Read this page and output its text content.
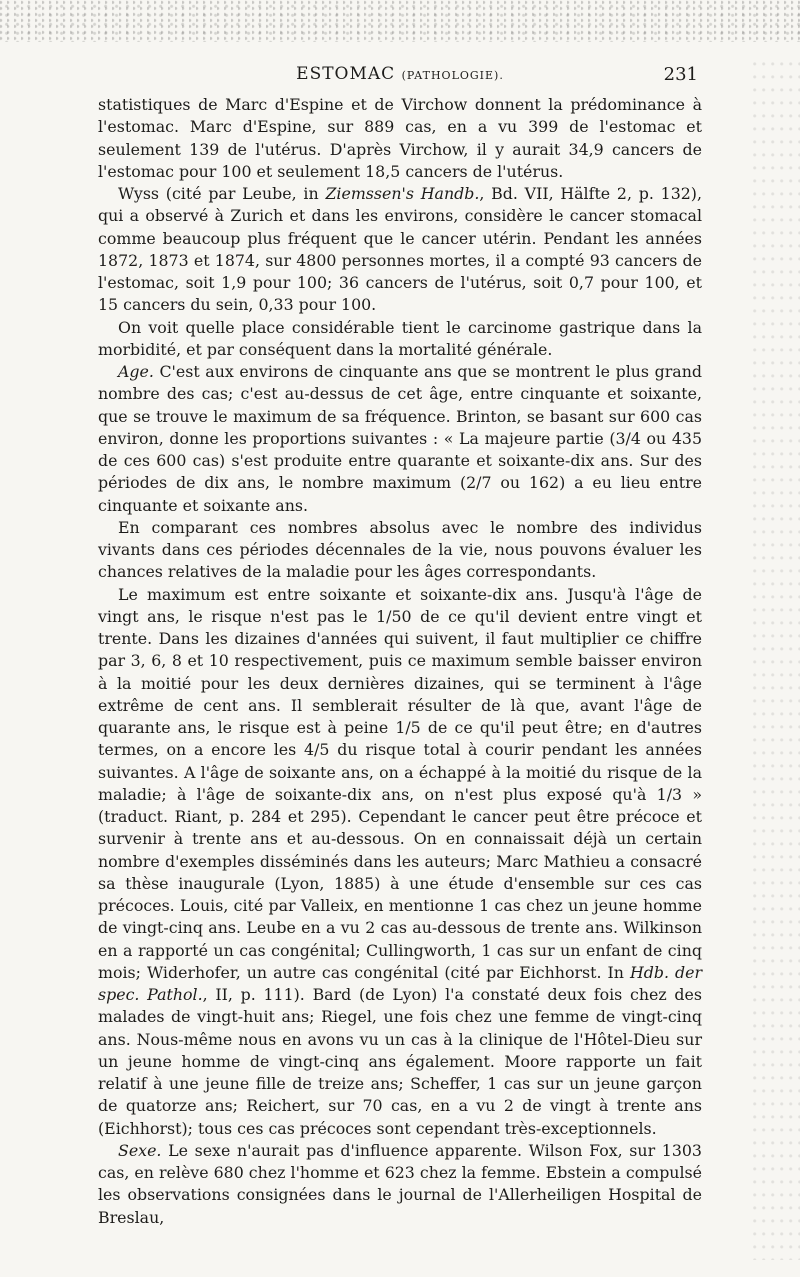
ESTOMAC (PATHOLOGIE).	231

statistiques de Marc d'Espine et de Virchow donnent la prédominance à l'estomac. Marc d'Espine, sur 889 cas, en a vu 399 de l'estomac et seulement 139 de l'utérus. D'après Virchow, il y aurait 34,9 cancers de l'estomac pour 100 et seulement 18,5 cancers de l'utérus.

Wyss (cité par Leube, in Ziemssen's Handb., Bd. VII, Hälfte 2, p. 132), qui a observé à Zurich et dans les environs, considère le cancer stomacal comme beaucoup plus fréquent que le cancer utérin. Pendant les années 1872, 1873 et 1874, sur 4800 personnes mortes, il a compté 93 cancers de l'estomac, soit 1,9 pour 100; 36 cancers de l'utérus, soit 0,7 pour 100, et 15 cancers du sein, 0,33 pour 100.

On voit quelle place considérable tient le carcinome gastrique dans la morbidité, et par conséquent dans la mortalité générale.

Age. C'est aux environs de cinquante ans que se montrent le plus grand nombre des cas; c'est au-dessus de cet âge, entre cinquante et soixante, que se trouve le maximum de sa fréquence. Brinton, se basant sur 600 cas environ, donne les proportions suivantes : « La majeure partie (3/4 ou 435 de ces 600 cas) s'est produite entre quarante et soixante-dix ans. Sur des périodes de dix ans, le nombre maximum (2/7 ou 162) a eu lieu entre cinquante et soixante ans.

En comparant ces nombres absolus avec le nombre des individus vivants dans ces périodes décennales de la vie, nous pouvons évaluer les chances relatives de la maladie pour les âges correspondants.

Le maximum est entre soixante et soixante-dix ans. Jusqu'à l'âge de vingt ans, le risque n'est pas le 1/50 de ce qu'il devient entre vingt et trente. Dans les dizaines d'années qui suivent, il faut multiplier ce chiffre par 3, 6, 8 et 10 respectivement, puis ce maximum semble baisser environ à la moitié pour les deux dernières dizaines, qui se terminent à l'âge extrême de cent ans. Il semblerait résulter de là que, avant l'âge de quarante ans, le risque est à peine 1/5 de ce qu'il peut être; en d'autres termes, on a encore les 4/5 du risque total à courir pendant les années suivantes. A l'âge de soixante ans, on a échappé à la moitié du risque de la maladie; à l'âge de soixante-dix ans, on n'est plus exposé qu'à 1/3 » (traduct. Riant, p. 284 et 295). Cependant le cancer peut être précoce et survenir à trente ans et au-dessous. On en connaissait déjà un certain nombre d'exemples disséminés dans les auteurs; Marc Mathieu a consacré sa thèse inaugurale (Lyon, 1885) à une étude d'ensemble sur ces cas précoces. Louis, cité par Valleix, en mentionne 1 cas chez un jeune homme de vingt-cinq ans. Leube en a vu 2 cas au-dessous de trente ans. Wilkinson en a rapporté un cas congénital; Cullingworth, 1 cas sur un enfant de cinq mois; Widerhofer, un autre cas congénital (cité par Eichhorst. In Hdb. der spec. Pathol., II, p. 111). Bard (de Lyon) l'a constaté deux fois chez des malades de vingt-huit ans; Riegel, une fois chez une femme de vingt-cinq ans. Nous-même nous en avons vu un cas à la clinique de l'Hôtel-Dieu sur un jeune homme de vingt-cinq ans également. Moore rapporte un fait relatif à une jeune fille de treize ans; Scheffer, 1 cas sur un jeune garçon de quatorze ans; Reichert, sur 70 cas, en a vu 2 de vingt à trente ans (Eichhorst); tous ces cas précoces sont cependant très-exceptionnels.

Sexe. Le sexe n'aurait pas d'influence apparente. Wilson Fox, sur 1303 cas, en relève 680 chez l'homme et 623 chez la femme. Ebstein a compulsé les observations consignées dans le journal de l'Allerheiligen Hospital de Breslau,
